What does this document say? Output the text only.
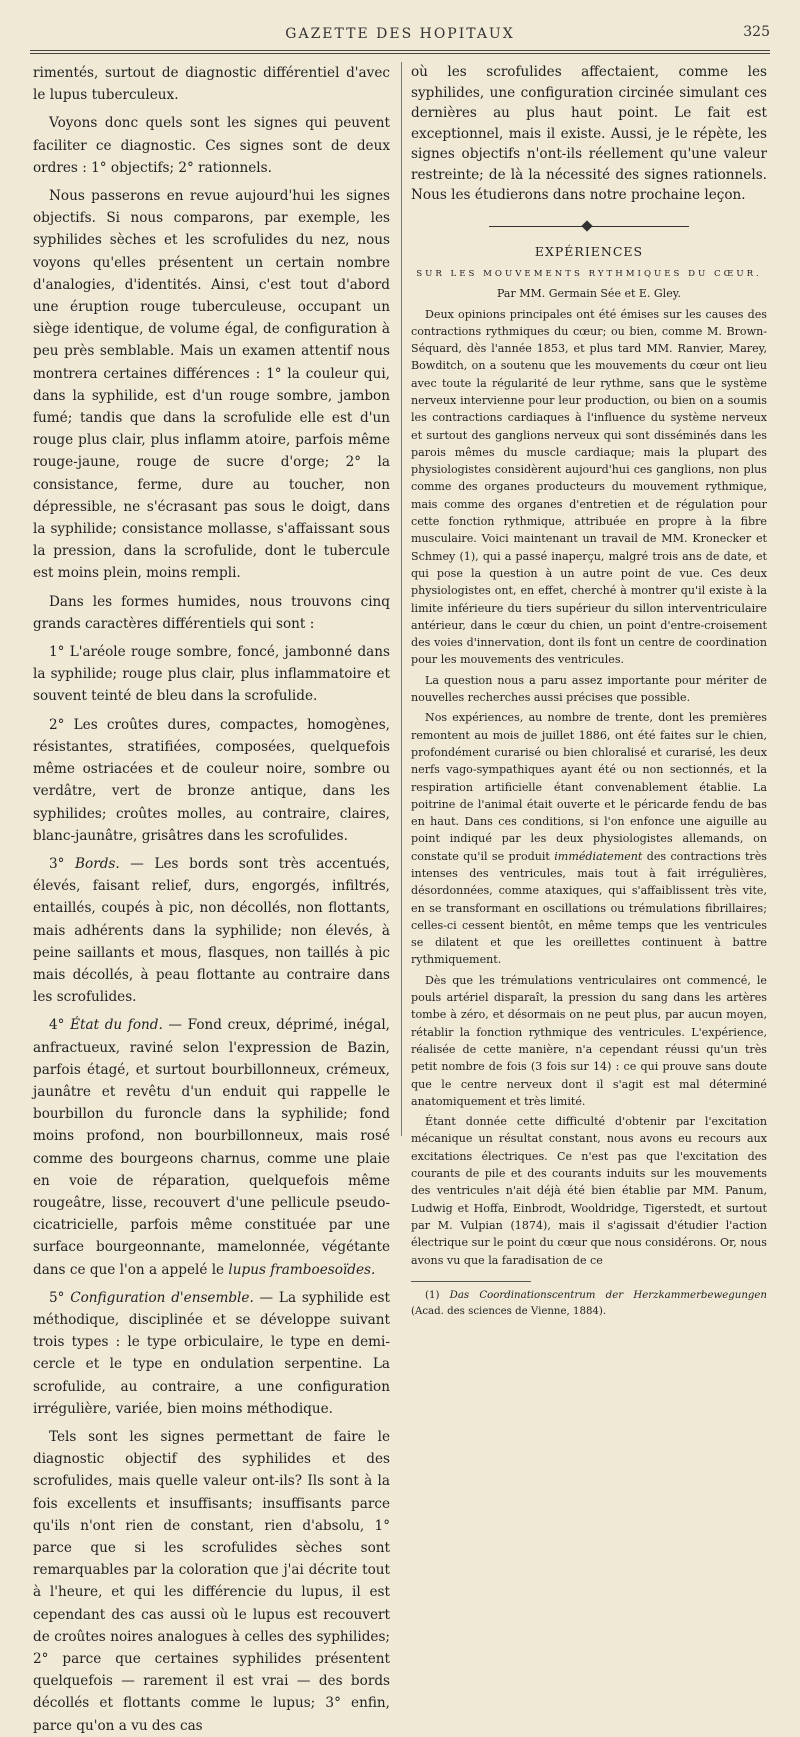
GAZETTE DES HOPITAUX	325

rimentés, surtout de diagnostic différentiel d'avec le lupus tuberculeux.

Voyons donc quels sont les signes qui peuvent faciliter ce diagnostic. Ces signes sont de deux ordres : 1° objectifs; 2° rationnels.

Nous passerons en revue aujourd'hui les signes objectifs. Si nous comparons, par exemple, les syphilides sèches et les scrofulides du nez, nous voyons qu'elles présentent un certain nombre d'analogies, d'identités. Ainsi, c'est tout d'abord une éruption rouge tuberculeuse, occupant un siège identique, de volume égal, de configuration à peu près semblable. Mais un examen attentif nous montrera certaines différences : 1° la couleur qui, dans la syphilide, est d'un rouge sombre, jambon fumé; tandis que dans la scrofulide elle est d'un rouge plus clair, plus inflamm atoire, parfois même rouge-jaune, rouge de sucre d'orge; 2° la consistance, ferme, dure au toucher, non dépressible, ne s'écrasant pas sous le doigt, dans la syphilide; consistance mollasse, s'affaissant sous la pression, dans la scrofulide, dont le tubercule est moins plein, moins rempli.

Dans les formes humides, nous trouvons cinq grands caractères différentiels qui sont :

1° L'aréole rouge sombre, foncé, jambonné dans la syphilide; rouge plus clair, plus inflammatoire et souvent teinté de bleu dans la scrofulide.

2° Les croûtes dures, compactes, homogènes, résistantes, stratifiées, composées, quelquefois même ostriacées et de couleur noire, sombre ou verdâtre, vert de bronze antique, dans les syphilides; croûtes molles, au contraire, claires, blanc-jaunâtre, grisâtres dans les scrofulides.

3° Bords. — Les bords sont très accentués, élevés, faisant relief, durs, engorgés, infiltrés, entaillés, coupés à pic, non décollés, non flottants, mais adhérents dans la syphilide; non élevés, à peine saillants et mous, flasques, non taillés à pic mais décollés, à peau flottante au contraire dans les scrofulides.

4° État du fond. — Fond creux, déprimé, inégal, anfractueux, raviné selon l'expression de Bazin, parfois étagé, et surtout bourbillonneux, crémeux, jaunâtre et revêtu d'un enduit qui rappelle le bourbillon du furoncle dans la syphilide; fond moins profond, non bourbillonneux, mais rosé comme des bourgeons charnus, comme une plaie en voie de réparation, quelquefois même rougeâtre, lisse, recouvert d'une pellicule pseudo-cicatricielle, parfois même constituée par une surface bourgeonnante, mamelonnée, végétante dans ce que l'on a appelé le lupus framboesoïdes.

5° Configuration d'ensemble. — La syphilide est méthodique, disciplinée et se développe suivant trois types : le type orbiculaire, le type en demi-cercle et le type en ondulation serpentine. La scrofulide, au contraire, a une configuration irrégulière, variée, bien moins méthodique.

Tels sont les signes permettant de faire le diagnostic objectif des syphilides et des scrofulides, mais quelle valeur ont-ils? Ils sont à la fois excellents et insuffisants; insuffisants parce qu'ils n'ont rien de constant, rien d'absolu, 1° parce que si les scrofulides sèches sont remarquables par la coloration que j'ai décrite tout à l'heure, et qui les différencie du lupus, il est cependant des cas aussi où le lupus est recouvert de croûtes noires analogues à celles des syphilides; 2° parce que certaines syphilides présentent quelquefois — rarement il est vrai — des bords décollés et flottants comme le lupus; 3° enfin, parce qu'on a vu des cas

où les scrofulides affectaient, comme les syphilides, une configuration circinée simulant ces dernières au plus haut point. Le fait est exceptionnel, mais il existe. Aussi, je le répète, les signes objectifs n'ont-ils réellement qu'une valeur restreinte; de là la nécessité des signes rationnels. Nous les étudierons dans notre prochaine leçon.

EXPÉRIENCES
SUR LES MOUVEMENTS RYTHMIQUES DU CŒUR.
Par MM. Germain Sée et E. Gley.

Deux opinions principales ont été émises sur les causes des contractions rythmiques du cœur; ou bien, comme M. Brown-Séquard, dès l'année 1853, et plus tard MM. Ranvier, Marey, Bowditch, on a soutenu que les mouvements du cœur ont lieu avec toute la régularité de leur rythme, sans que le système nerveux intervienne pour leur production, ou bien on a soumis les contractions cardiaques à l'influence du système nerveux et surtout des ganglions nerveux qui sont disséminés dans les parois mêmes du muscle cardiaque; mais la plupart des physiologistes considèrent aujourd'hui ces ganglions, non plus comme des organes producteurs du mouvement rythmique, mais comme des organes d'entretien et de régulation pour cette fonction rythmique, attribuée en propre à la fibre musculaire. Voici maintenant un travail de MM. Kronecker et Schmey (1), qui a passé inaperçu, malgré trois ans de date, et qui pose la question à un autre point de vue. Ces deux physiologistes ont, en effet, cherché à montrer qu'il existe à la limite inférieure du tiers supérieur du sillon interventriculaire antérieur, dans le cœur du chien, un point d'entre-croisement des voies d'innervation, dont ils font un centre de coordination pour les mouvements des ventricules.

La question nous a paru assez importante pour mériter de nouvelles recherches aussi précises que possible.

Nos expériences, au nombre de trente, dont les premières remontent au mois de juillet 1886, ont été faites sur le chien, profondément curarisé ou bien chloralisé et curarisé, les deux nerfs vago-sympathiques ayant été ou non sectionnés, et la respiration artificielle étant convenablement établie. La poitrine de l'animal était ouverte et le péricarde fendu de bas en haut. Dans ces conditions, si l'on enfonce une aiguille au point indiqué par les deux physiologistes allemands, on constate qu'il se produit immédiatement des contractions très intenses des ventricules, mais tout à fait irrégulières, désordonnées, comme ataxiques, qui s'affaiblissent très vite, en se transformant en oscillations ou trémulations fibrillaires; celles-ci cessent bientôt, en même temps que les ventricules se dilatent et que les oreillettes continuent à battre rythmiquement.

Dès que les trémulations ventriculaires ont commencé, le pouls artériel disparaît, la pression du sang dans les artères tombe à zéro, et désormais on ne peut plus, par aucun moyen, rétablir la fonction rythmique des ventricules. L'expérience, réalisée de cette manière, n'a cependant réussi qu'un très petit nombre de fois (3 fois sur 14) : ce qui prouve sans doute que le centre nerveux dont il s'agit est mal déterminé anatomiquement et très limité.

Étant donnée cette difficulté d'obtenir par l'excitation mécanique un résultat constant, nous avons eu recours aux excitations électriques. Ce n'est pas que l'excitation des courants de pile et des courants induits sur les mouvements des ventricules n'ait déjà été bien établie par MM. Panum, Ludwig et Hoffa, Einbrodt, Wooldridge, Tigerstedt, et surtout par M. Vulpian (1874), mais il s'agissait d'étudier l'action électrique sur le point du cœur que nous considérons. Or, nous avons vu que la faradisation de ce

(1) Das Coordinationscentrum der Herzkammerbewegungen (Acad. des sciences de Vienne, 1884).
